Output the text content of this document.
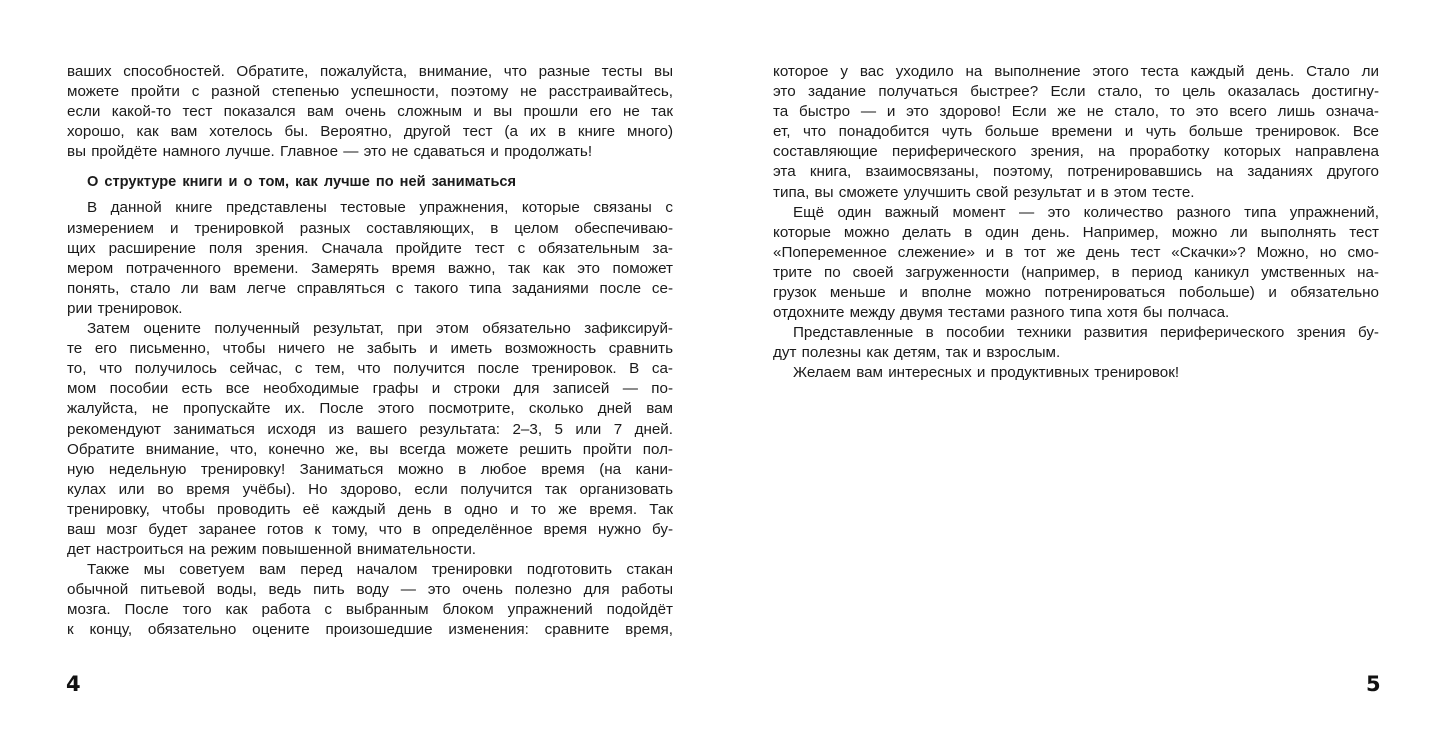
ваших способностей. Обратите, пожалуйста, внимание, что разные тесты вы
можете пройти с разной степенью успешности, поэтому не расстраивайтесь,
если какой-то тест показался вам очень сложным и вы прошли его не так
хорошо, как вам хотелось бы. Вероятно, другой тест (а их в книге много)
вы пройдёте намного лучше. Главное — это не сдаваться и продолжать!
О структуре книги и о том, как лучше по ней заниматься
В данной книге представлены тестовые упражнения, которые связаны с
измерением и тренировкой разных составляющих, в целом обеспечиваю-
щих расширение поля зрения. Сначала пройдите тест с обязательным за-
мером потраченного времени. Замерять время важно, так как это поможет
понять, стало ли вам легче справляться с такого типа заданиями после се-
рии тренировок.
Затем оцените полученный результат, при этом обязательно зафиксируй-
те его письменно, чтобы ничего не забыть и иметь возможность сравнить
то, что получилось сейчас, с тем, что получится после тренировок. В са-
мом пособии есть все необходимые графы и строки для записей — по-
жалуйста, не пропускайте их. После этого посмотрите, сколько дней вам
рекомендуют заниматься исходя из вашего результата: 2–3, 5 или 7 дней.
Обратите внимание, что, конечно же, вы всегда можете решить пройти пол-
ную недельную тренировку! Заниматься можно в любое время (на кани-
кулах или во время учёбы). Но здорово, если получится так организовать
тренировку, чтобы проводить её каждый день в одно и то же время. Так
ваш мозг будет заранее готов к тому, что в определённое время нужно бу-
дет настроиться на режим повышенной внимательности.
Также мы советуем вам перед началом тренировки подготовить стакан
обычной питьевой воды, ведь пить воду — это очень полезно для работы
мозга. После того как работа с выбранным блоком упражнений подойдёт
к концу, обязательно оцените произошедшие изменения: сравните время,
которое у вас уходило на выполнение этого теста каждый день. Стало ли
это задание получаться быстрее? Если стало, то цель оказалась достигну-
та быстро — и это здорово! Если же не стало, то это всего лишь означа-
ет, что понадобится чуть больше времени и чуть больше тренировок. Все
составляющие периферического зрения, на проработку которых направлена
эта книга, взаимосвязаны, поэтому, потренировавшись на заданиях другого
типа, вы сможете улучшить свой результат и в этом тесте.
Ещё один важный момент — это количество разного типа упражнений,
которые можно делать в один день. Например, можно ли выполнять тест
«Попеременное слежение» и в тот же день тест «Скачки»? Можно, но смо-
трите по своей загруженности (например, в период каникул умственных на-
грузок меньше и вполне можно потренироваться побольше) и обязательно
отдохните между двумя тестами разного типа хотя бы полчаса.
Представленные в пособии техники развития периферического зрения бу-
дут полезны как детям, так и взрослым.
Желаем вам интересных и продуктивных тренировок!
4	5
